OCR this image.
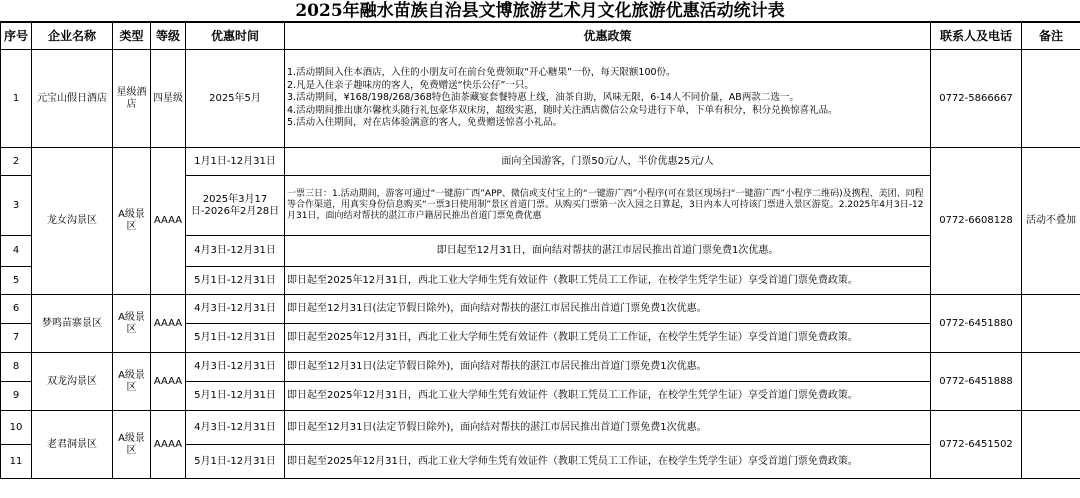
2025年融水苗族自治县文博旅游艺术月文化旅游优惠活动统计表
序号	企业名称	类型	等级	优惠时间	优惠政策	联系人及电话	备注
1	元宝山假日酒店	星级酒店	四星级	2025年5月	1.活动期间入住本酒店，入住的小朋友可在前台免费领取“开心糖果”一份，每天限额100份。
2.凡是入住亲子趣味房的客人，免费赠送“快乐公仔”一只。
3.活动期间，¥168/198/268/368特色油茶藏宴套餐特惠上线，油茶自助，风味无限，6-14人不同价量，AB两款二选一。
4.活动期间推出康尔馨枕头随行礼包豪华双床房，超级实惠，随时关注酒店微信公众号进行下单，下单有积分，积分兑换惊喜礼品。
5.活动入住期间，对在店体验满意的客人，免费赠送惊喜小礼品。	0772-5866667	
2	龙女沟景区	A级景区	AAAA	1月1日-12月31日	面向全国游客，门票50元/人，半价优惠25元/人	0772-6608128	活动不叠加
3				2025年3月17日-2026年2月28日	一票三日：1.活动期间，游客可通过“一键游广西”APP、微信或支付宝上的“一键游广西”小程序(可在景区现场扫“一键游广西”小程序二维码)及携程、美团、同程等合作渠道，用真实身份信息购买“一票3日使用制”景区首道门票。从购买门票第一次入园之日算起，3日内本人可持该门票进入景区游览。2.2025年4月3日-12月31日，面向结对帮扶的湛江市户籍居民推出首道门票免费优惠		
4				4月3日-12月31日	即日起至12月31日，面向结对帮扶的湛江市居民推出首道门票免费1次优惠。		
5				5月1日-12月31日	即日起至2025年12月31日，西北工业大学师生凭有效证件（教职工凭员工工作证，在校学生凭学生证）享受首道门票免费政策。		
6	梦鸣苗寨景区	A级景区	AAAA	4月3日-12月31日	即日起至12月31日(法定节假日除外)，面向结对帮扶的湛江市居民推出首道门票免费1次优惠。	0772-6451880	
7				5月1日-12月31日	即日起至2025年12月31日，西北工业大学师生凭有效证件（教职工凭员工工作证，在校学生凭学生证）享受首道门票免费政策。		
8	双龙沟景区	A级景区	AAAA	4月3日-12月31日	即日起至12月31日(法定节假日除外)，面向结对帮扶的湛江市居民推出首道门票免费1次优惠。	0772-6451888	
9				5月1日-12月31日	即日起至2025年12月31日，西北工业大学师生凭有效证件（教职工凭员工工作证，在校学生凭学生证）享受首道门票免费政策。		
10	老君洞景区	A级景区	AAAA	4月3日-12月31日	即日起至12月31日(法定节假日除外)，面向结对帮扶的湛江市居民推出首道门票免费1次优惠。	0772-6451502	
11				5月1日-12月31日	即日起至2025年12月31日，西北工业大学师生凭有效证件（教职工凭员工工作证，在校学生凭学生证）享受首道门票免费政策。		
